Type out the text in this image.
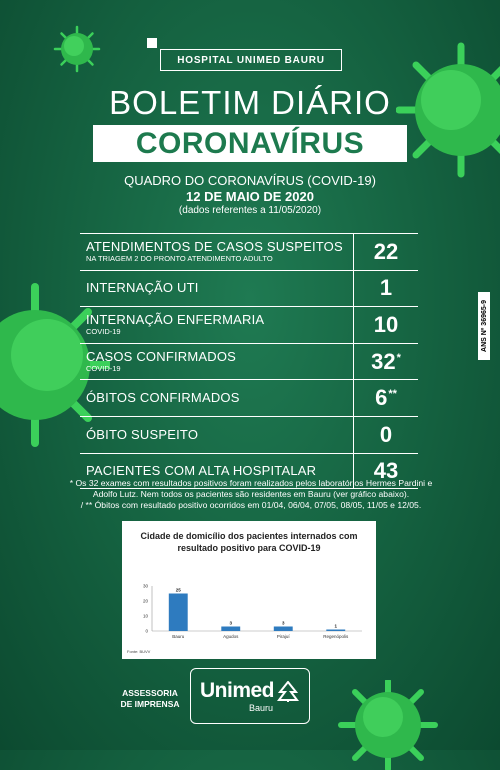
HOSPITAL UNIMED BAURU
BOLETIM DIÁRIO
CORONAVÍRUS
QUADRO DO CORONAVÍRUS (COVID-19)
12 DE MAIO DE 2020
(dados referentes a 11/05/2020)
ATENDIMENTOS DE CASOS SUSPEITOS
NA TRIAGEM 2 DO PRONTO ATENDIMENTO ADULTO	22
INTERNAÇÃO UTI	1
INTERNAÇÃO ENFERMARIA
COVID-19	10
CASOS CONFIRMADOS
COVID-19	32*
ÓBITOS CONFIRMADOS	6**
ÓBITO SUSPEITO	0
PACIENTES COM ALTA HOSPITALAR	43
ANS Nº 36965-9
* Os 32 exames com resultados positivos foram realizados pelos laboratórios Hermes Pardini e
Adolfo Lutz. Nem todos os pacientes são residentes em Bauru (ver gráfico abaixo).
/ ** Óbitos com resultado positivo ocorridos em 01/04, 06/04, 07/05, 08/05, 11/05 e 12/05.
Cidade de domicílio dos pacientes internados com resultado positivo para COVID-19
0
10
20
30
25
Bauru
3
Agudos
3
Pirajuí
1
Regenópolis
Fonte: BUVV
ASSESSORIA
DE IMPRENSA
Unimed
Bauru
